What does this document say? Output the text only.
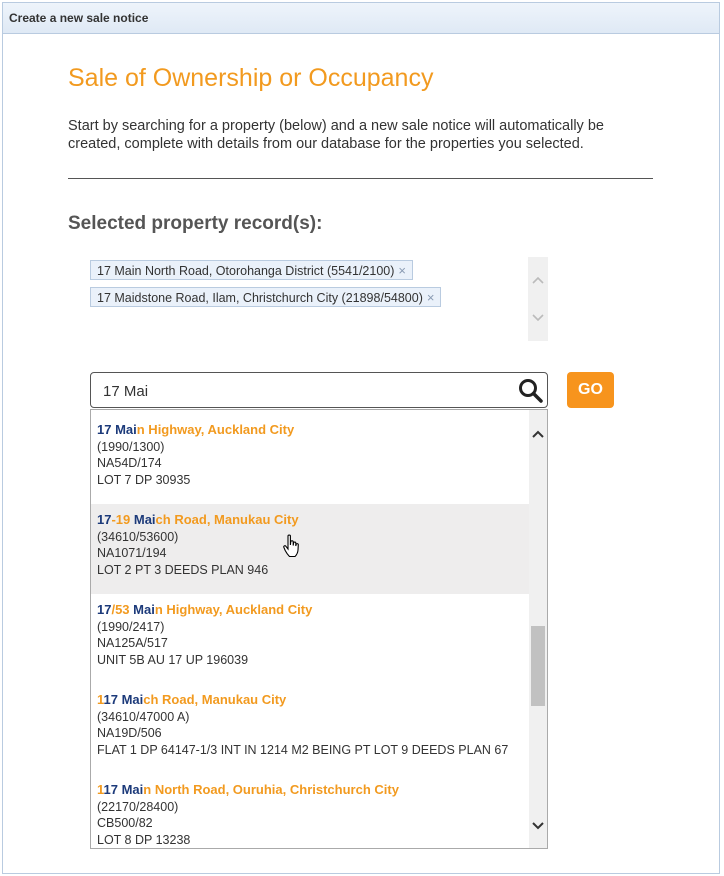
Create a new sale notice
Sale of Ownership or Occupancy
Start by searching for a property (below) and a new sale notice will automatically be created, complete with details from our database for the properties you selected.
Selected property record(s):
17 Main North Road, Otorohanga District (5541/2100) ×
17 Maidstone Road, Ilam, Christchurch City (21898/54800) ×
17 Mai
GO
117 Main North Road, Ouruhia, Christchurch City
(22170/28400)
CB500/82
LOT 8 DP 13238
117 Maich Road, Manukau City
(34610/47000 A)
NA19D/506
FLAT 1 DP 64147-1/3 INT IN 1214 M2 BEING PT LOT 9 DEEDS PLAN 67
17/53 Main Highway, Auckland City
(1990/2417)
NA125A/517
UNIT 5B AU 17 UP 196039
17-19 Maich Road, Manukau City
(34610/53600)
NA1071/194
LOT 2 PT 3 DEEDS PLAN 946
17 Main Highway, Auckland City
(1990/1300)
NA54D/174
LOT 7 DP 30935
